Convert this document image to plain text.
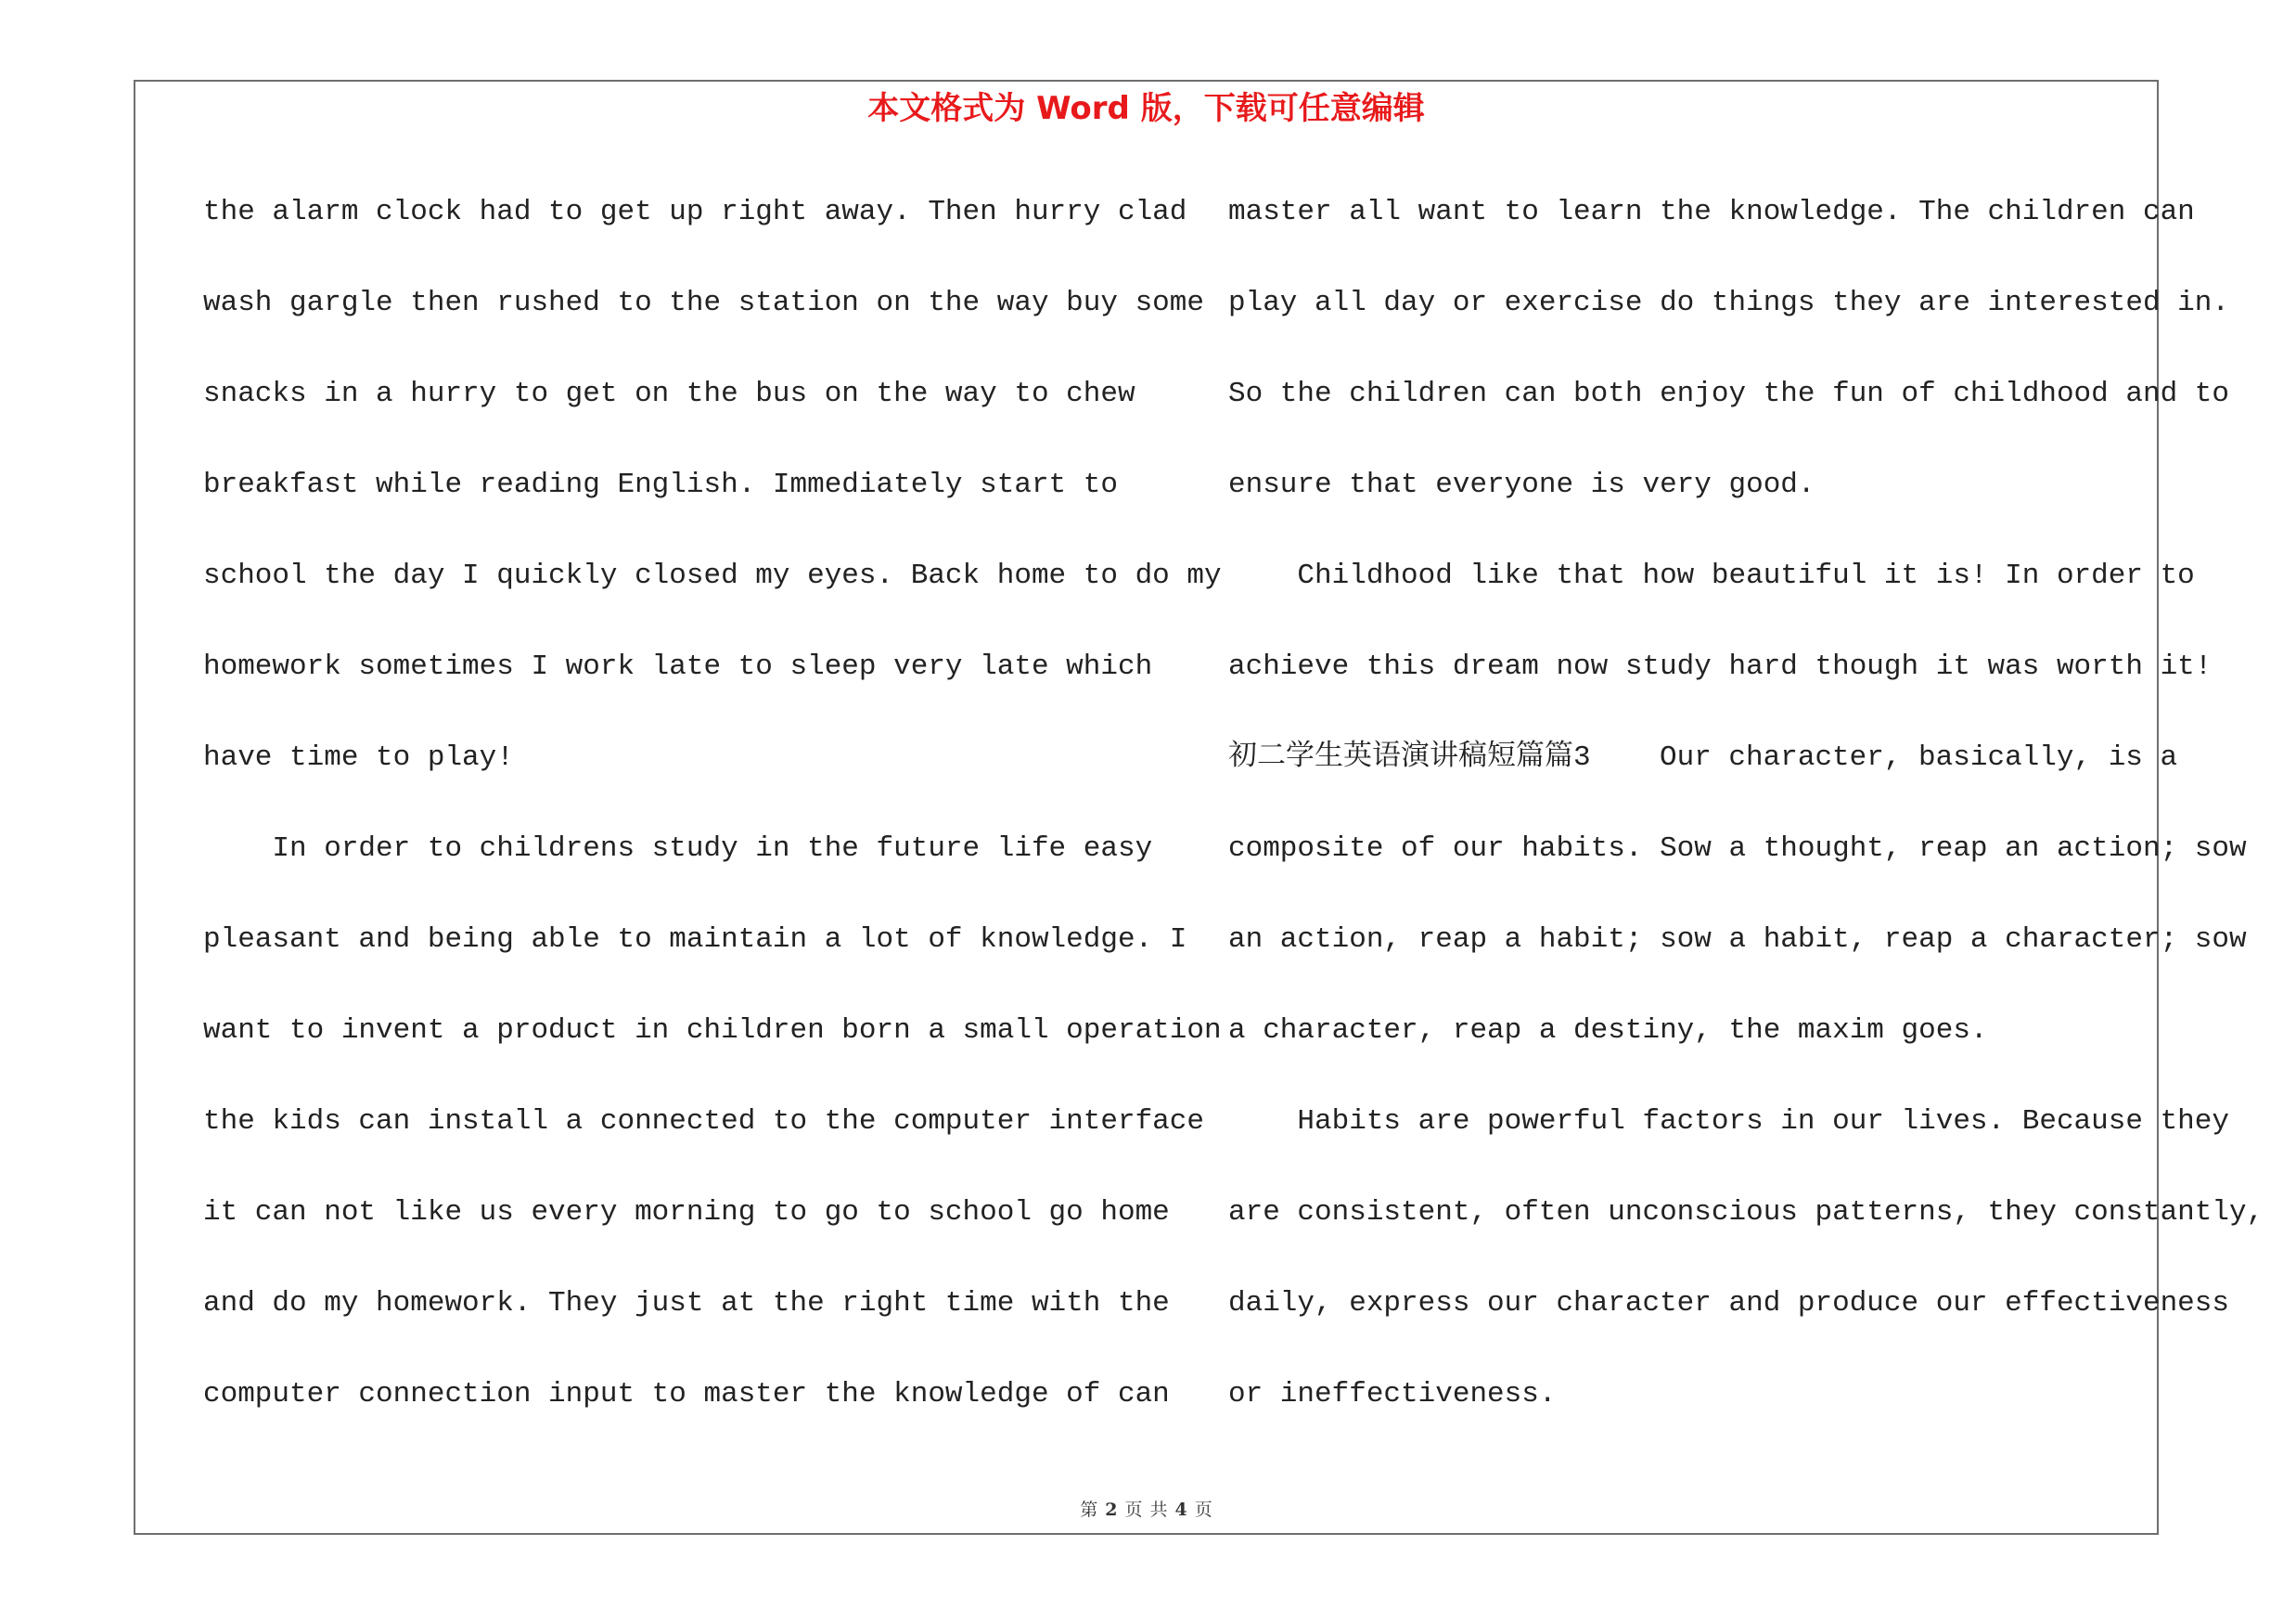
本文格式为 Word 版，下载可任意编辑
the alarm clock had to get up right away. Then hurry clad
wash gargle then rushed to the station on the way buy some
snacks in a hurry to get on the bus on the way to chew
breakfast while reading English. Immediately start to
school the day I quickly closed my eyes. Back home to do my
homework sometimes I work late to sleep very late which
have time to play!
In order to childrens study in the future life easy
pleasant and being able to maintain a lot of knowledge. I
want to invent a product in children born a small operation
the kids can install a connected to the computer interface
it can not like us every morning to go to school go home
and do my homework. They just at the right time with the
computer connection input to master the knowledge of can
master all want to learn the knowledge. The children can
play all day or exercise do things they are interested in.
So the children can both enjoy the fun of childhood and to
ensure that everyone is very good.
Childhood like that how beautiful it is! In order to
achieve this dream now study hard though it was worth it!
初二学生英语演讲稿短篇篇3    Our character, basically, is a
composite of our habits. Sow a thought, reap an action; sow
an action, reap a habit; sow a habit, reap a character; sow
a character, reap a destiny, the maxim goes.
Habits are powerful factors in our lives. Because they
are consistent, often unconscious patterns, they constantly,
daily, express our character and produce our effectiveness
or ineffectiveness.
第 2 页 共 4 页
